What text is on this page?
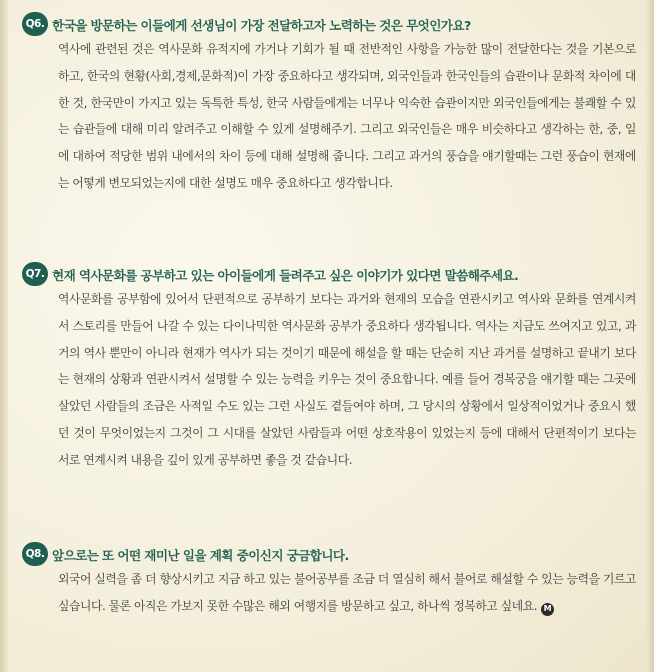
Q6. 한국을 방문하는 이들에게 선생님이 가장 전달하고자 노력하는 것은 무엇인가요?

역사에 관련된 것은 역사문화 유적지에 가거나 기회가 될 때 전반적인 사항을 가능한 많이 전달한다는 것을 기본으로 하고, 한국의 현황(사회,경제,문화적)이 가장 중요하다고 생각되며, 외국인들과 한국인들의 습관이나 문화적 차이에 대한 것, 한국만이 가지고 있는 독특한 특성, 한국 사람들에게는 너무나 익숙한 습관이지만 외국인들에게는 불쾌할 수 있는 습관들에 대해 미리 알려주고 이해할 수 있게 설명해주기. 그리고 외국인들은 매우 비슷하다고 생각하는 한, 중, 일에 대하여 적당한 범위 내에서의 차이 등에 대해 설명해 줍니다. 그리고 과거의 풍습을 얘기할때는 그런 풍습이 현재에는 어떻게 변모되었는지에 대한 설명도 매우 중요하다고 생각합니다.

Q7. 현재 역사문화를 공부하고 있는 아이들에게 들려주고 싶은 이야기가 있다면 말씀해주세요.

역사문화를 공부함에 있어서 단편적으로 공부하기 보다는 과거와 현재의 모습을 연관시키고 역사와 문화를 연계시켜서 스토리를 만들어 나갈 수 있는 다이나믹한 역사문화 공부가 중요하다 생각됩니다. 역사는 지금도 쓰여지고 있고, 과거의 역사 뿐만이 아니라 현재가 역사가 되는 것이기 때문에 해설을 할 때는 단순히 지난 과거를 설명하고 끝내기 보다는 현재의 상황과 연관시켜서 설명할 수 있는 능력을 키우는 것이 중요합니다. 예를 들어 경복궁을 얘기할 때는 그곳에 살았던 사람들의 조금은 사적일 수도 있는 그런 사실도 곁들여야 하며, 그 당시의 상황에서 일상적이었거나 중요시 했던 것이 무엇이었는지 그것이 그 시대를 살았던 사람들과 어떤 상호작용이 있었는지 등에 대해서 단편적이기 보다는 서로 연계시켜 내용을 깊이 있게 공부하면 좋을 것 같습니다.

Q8. 앞으로는 또 어떤 재미난 일을 계획 중이신지 궁금합니다.

외국어 실력을 좀 더 향상시키고 지금 하고 있는 불어공부를 조금 더 열심히 해서 불어로 해설할 수 있는 능력을 기르고 싶습니다. 물론 아직은 가보지 못한 수많은 해외 여행지를 방문하고 싶고, 하나씩 정복하고 싶네요. M
